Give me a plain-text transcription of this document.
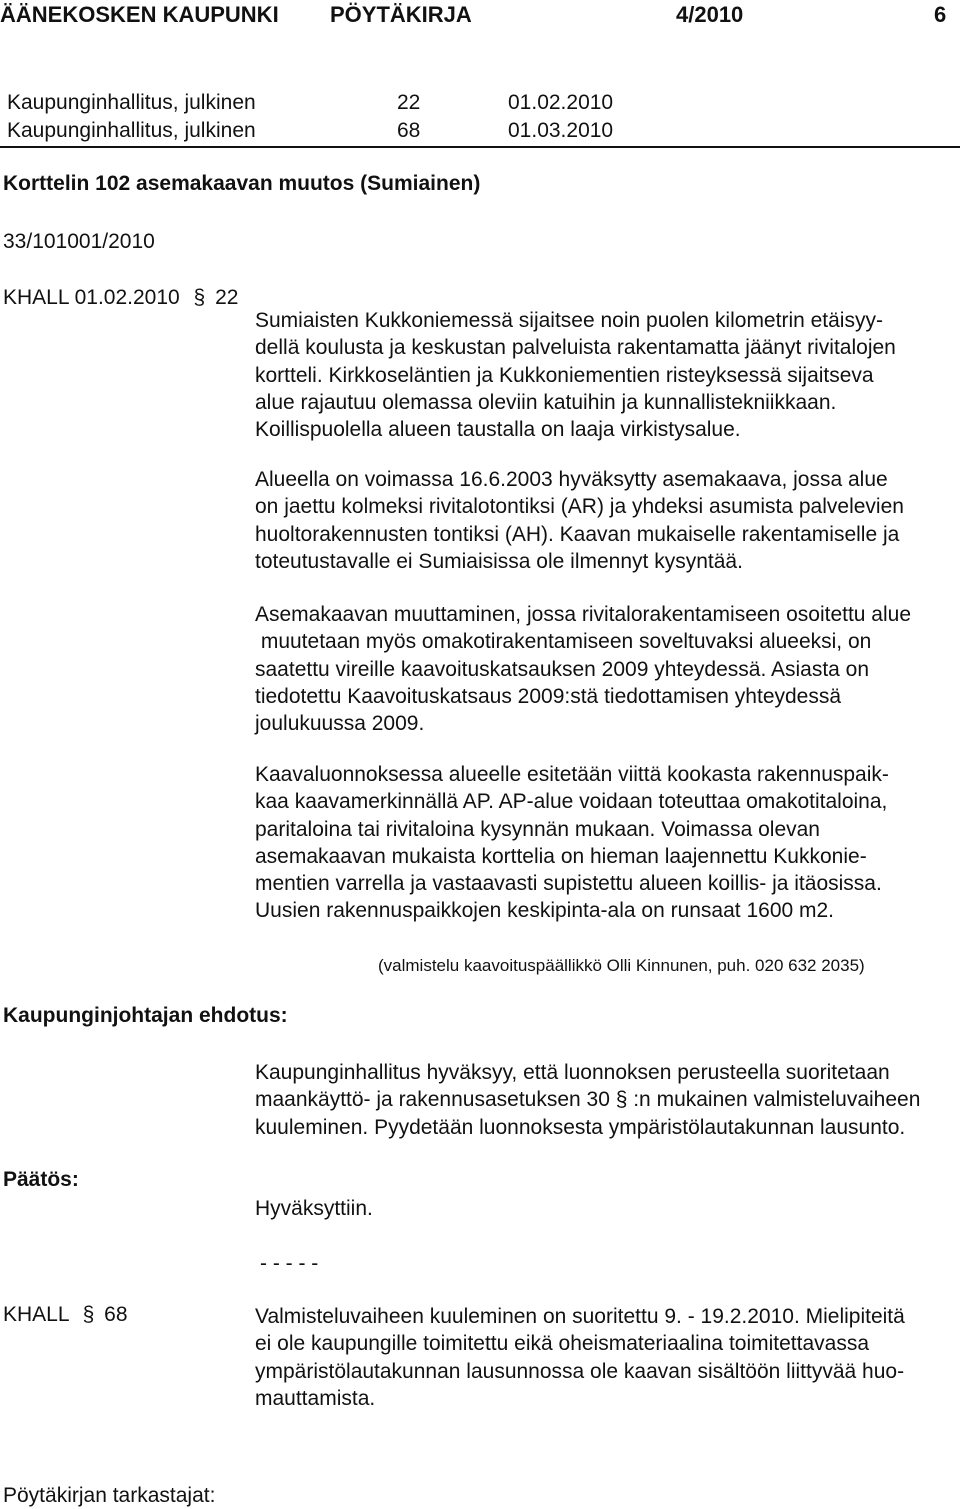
ÄÄNEKOSKEN KAUPUNKI PÖYTÄKIRJA	4/2010	6
Kaupunginhallitus, julkinen	22	01.02.2010
Kaupunginhallitus, julkinen	68	01.03.2010
Korttelin 102 asemakaavan muutos (Sumiainen)
33/101001/2010
KHALL 01.02.2010 § 22

Sumiaisten Kukkoniemessä sijaitsee noin puolen kilometrin etäisyy-

dellä koulusta ja keskustan palveluista rakentamatta jäänyt rivitalojen

kortteli. Kirkkoseläntien ja Kukkoniementien risteyksessä sijaitseva

alue rajautuu olemassa oleviin katuihin ja kunnallistekniikkaan.

Koillispuolella alueen taustalla on laaja virkistysalue.

Alueella on voimassa 16.6.2003 hyväksytty asemakaava, jossa alue

on jaettu kolmeksi rivitalotontiksi (AR) ja yhdeksi asumista palvelevien

huoltorakennusten tontiksi (AH). Kaavan mukaiselle rakentamiselle ja

toteutustavalle ei Sumiaisissa ole ilmennyt kysyntää.

Asemakaavan muuttaminen, jossa rivitalorakentamiseen osoitettu alue

muutetaan myös omakotirakentamiseen soveltuvaksi alueeksi, on

saatettu vireille kaavoituskatsauksen 2009 yhteydessä. Asiasta on

tiedotettu Kaavoituskatsaus 2009:stä tiedottamisen yhteydessä

joulukuussa 2009.

Kaavaluonnoksessa alueelle esitetään viittä kookasta rakennuspaik-

kaa kaavamerkinnällä AP. AP-alue voidaan toteuttaa omakotitaloina,

paritaloina tai rivitaloina kysynnän mukaan. Voimassa olevan

asemakaavan mukaista korttelia on hieman laajennettu Kukkonie-

mentien varrella ja vastaavasti supistettu alueen koillis- ja itäosissa.

Uusien rakennuspaikkojen keskipinta-ala on runsaat 1600 m2.

(valmistelu kaavoituspäällikkö Olli Kinnunen, puh. 020 632 2035)
Kaupunginjohtajan ehdotus:

Kaupunginhallitus hyväksyy, että luonnoksen perusteella suoritetaan

maankäyttö- ja rakennusasetuksen 30 § :n mukainen valmisteluvaiheen

kuuleminen. Pyydetään luonnoksesta ympäristölautakunnan lausunto.

Päätös:
Hyväksyttiin.
- - - - -
KHALL § 68	Valmisteluvaiheen kuuleminen on suoritettu 9. - 19.2.2010. Mielipiteitä

ei ole kaupungille toimitettu eikä oheismateriaalina toimitettavassa

ympäristölautakunnan lausunnossa ole kaavan sisältöön liittyvää huo-

mauttamista.

Pöytäkirjan tarkastajat:
